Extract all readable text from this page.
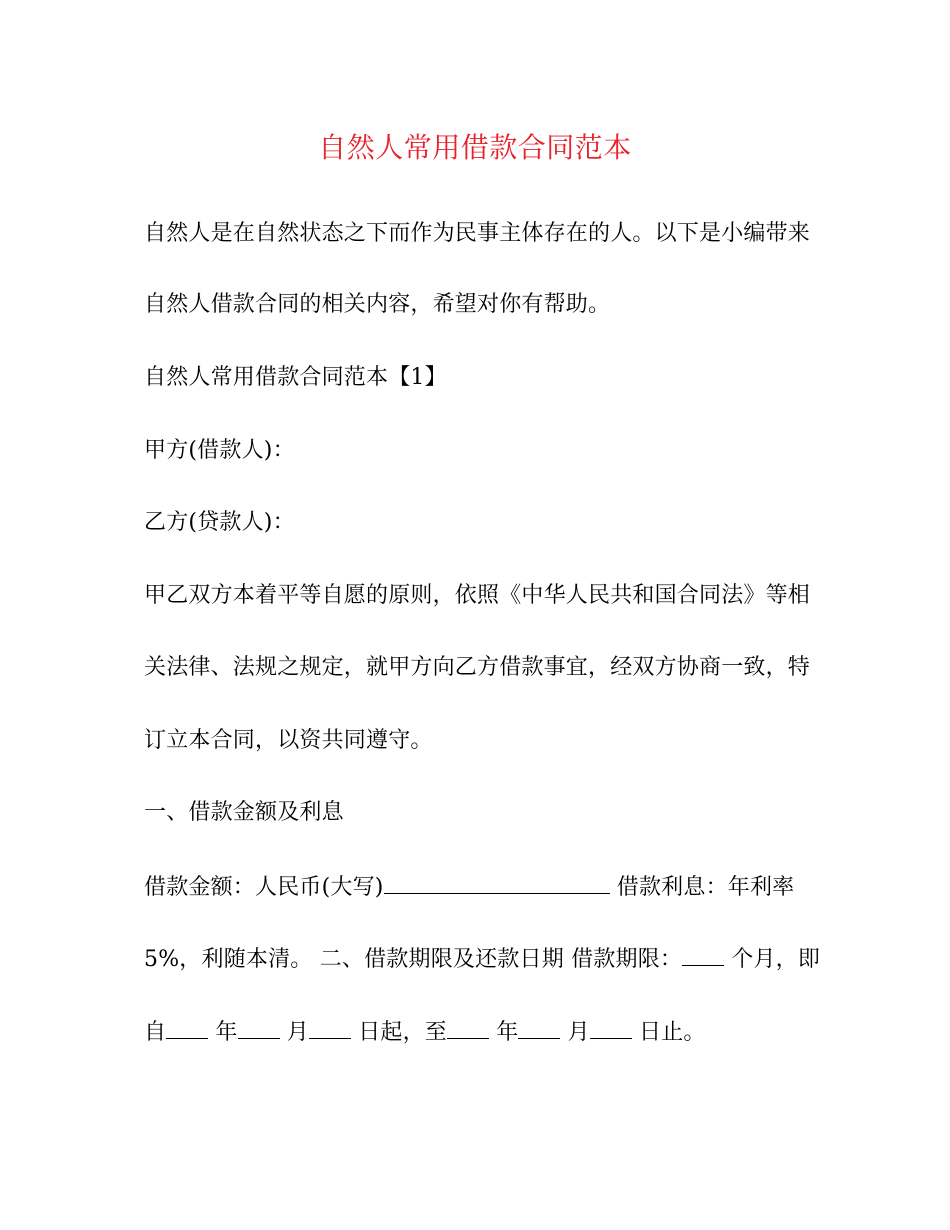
自然人常用借款合同范本
自然人是在自然状态之下而作为民事主体存在的人。以下是小编带来
自然人借款合同的相关内容，希望对你有帮助。
自然人常用借款合同范本【1】
甲方(借款人)：
乙方(贷款人)：
甲乙双方本着平等自愿的原则，依照《中华人民共和国合同法》等相
关法律、法规之规定，就甲方向乙方借款事宜，经双方协商一致，特
订立本合同，以资共同遵守。
一、借款金额及利息
借款金额：人民币(大写)	借款利息：年利率
5%，利随本清。 二、借款期限及还款日期 借款期限： 个月，即
自 年 月 日起，至 年 月 日止。
